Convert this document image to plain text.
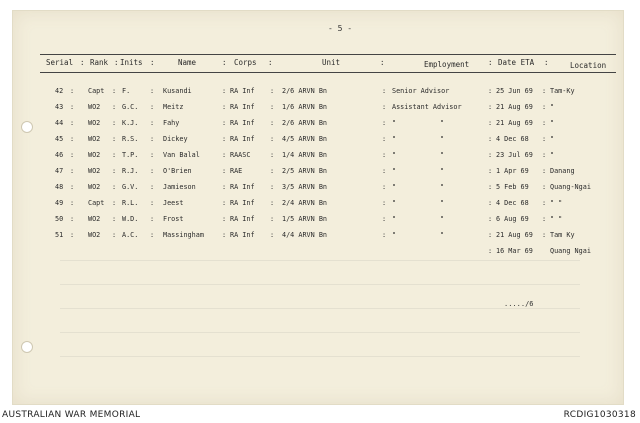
- 5 -
Serial : Rank : Inits :	Name	: Corps :	Unit	:	Employment	: Date ETA :	Location
:	:	:	:	:	:	:	:
42	Capt	F.	Kusandi	RA Inf	2/6 ARVN Bn	Senior Advisor	25 Jun 69	Tam-Ky
:	:	:	:	:	:	:	:
43	WO2	G.C.	Meitz	RA Inf	1/6 ARVN Bn	Assistant Advisor	21 Aug 69	"
:	:	:	:	:	:	:	:
44	WO2	K.J.	Fahy	RA Inf	2/6 ARVN Bn	"	"	21 Aug 69	"
:	:	:	:	:	:	:	:
45	WO2	R.S.	Dickey	RA Inf	4/5 ARVN Bn	"	"	4 Dec 68	"
:	:	:	:	:	:	:	:
46	WO2	T.P.	Van Balal	RAASC	1/4 ARVN Bn	"	"	23 Jul 69	"
:	:	:	:	:	:	:	:
47	WO2	R.J.	O'Brien	RAE	2/5 ARVN Bn	"	"	1 Apr 69	Danang
:	:	:	:	:	:	:	:
48	WO2	G.V.	Jamieson	RA Inf	3/5 ARVN Bn	"	"	5 Feb 69	Quang-Ngai
:	:	:	:	:	:	:	:
49	Capt	R.L.	Jeest	RA Inf	2/4 ARVN Bn	"	"	4 Dec 68	" "
:	:	:	:	:	:	:	:
50	WO2	W.D.	Frost	RA Inf	1/5 ARVN Bn	"	"	6 Aug 69	" "
:	:	:	:	:	:	:	:
51	WO2	A.C.	Massingham	RA Inf	4/4 ARVN Bn	"	"	21 Aug 69	Tam Ky
: 16 Mar 69	Quang Ngai
...../6
AUSTRALIAN WAR MEMORIAL	RCDIG1030318
